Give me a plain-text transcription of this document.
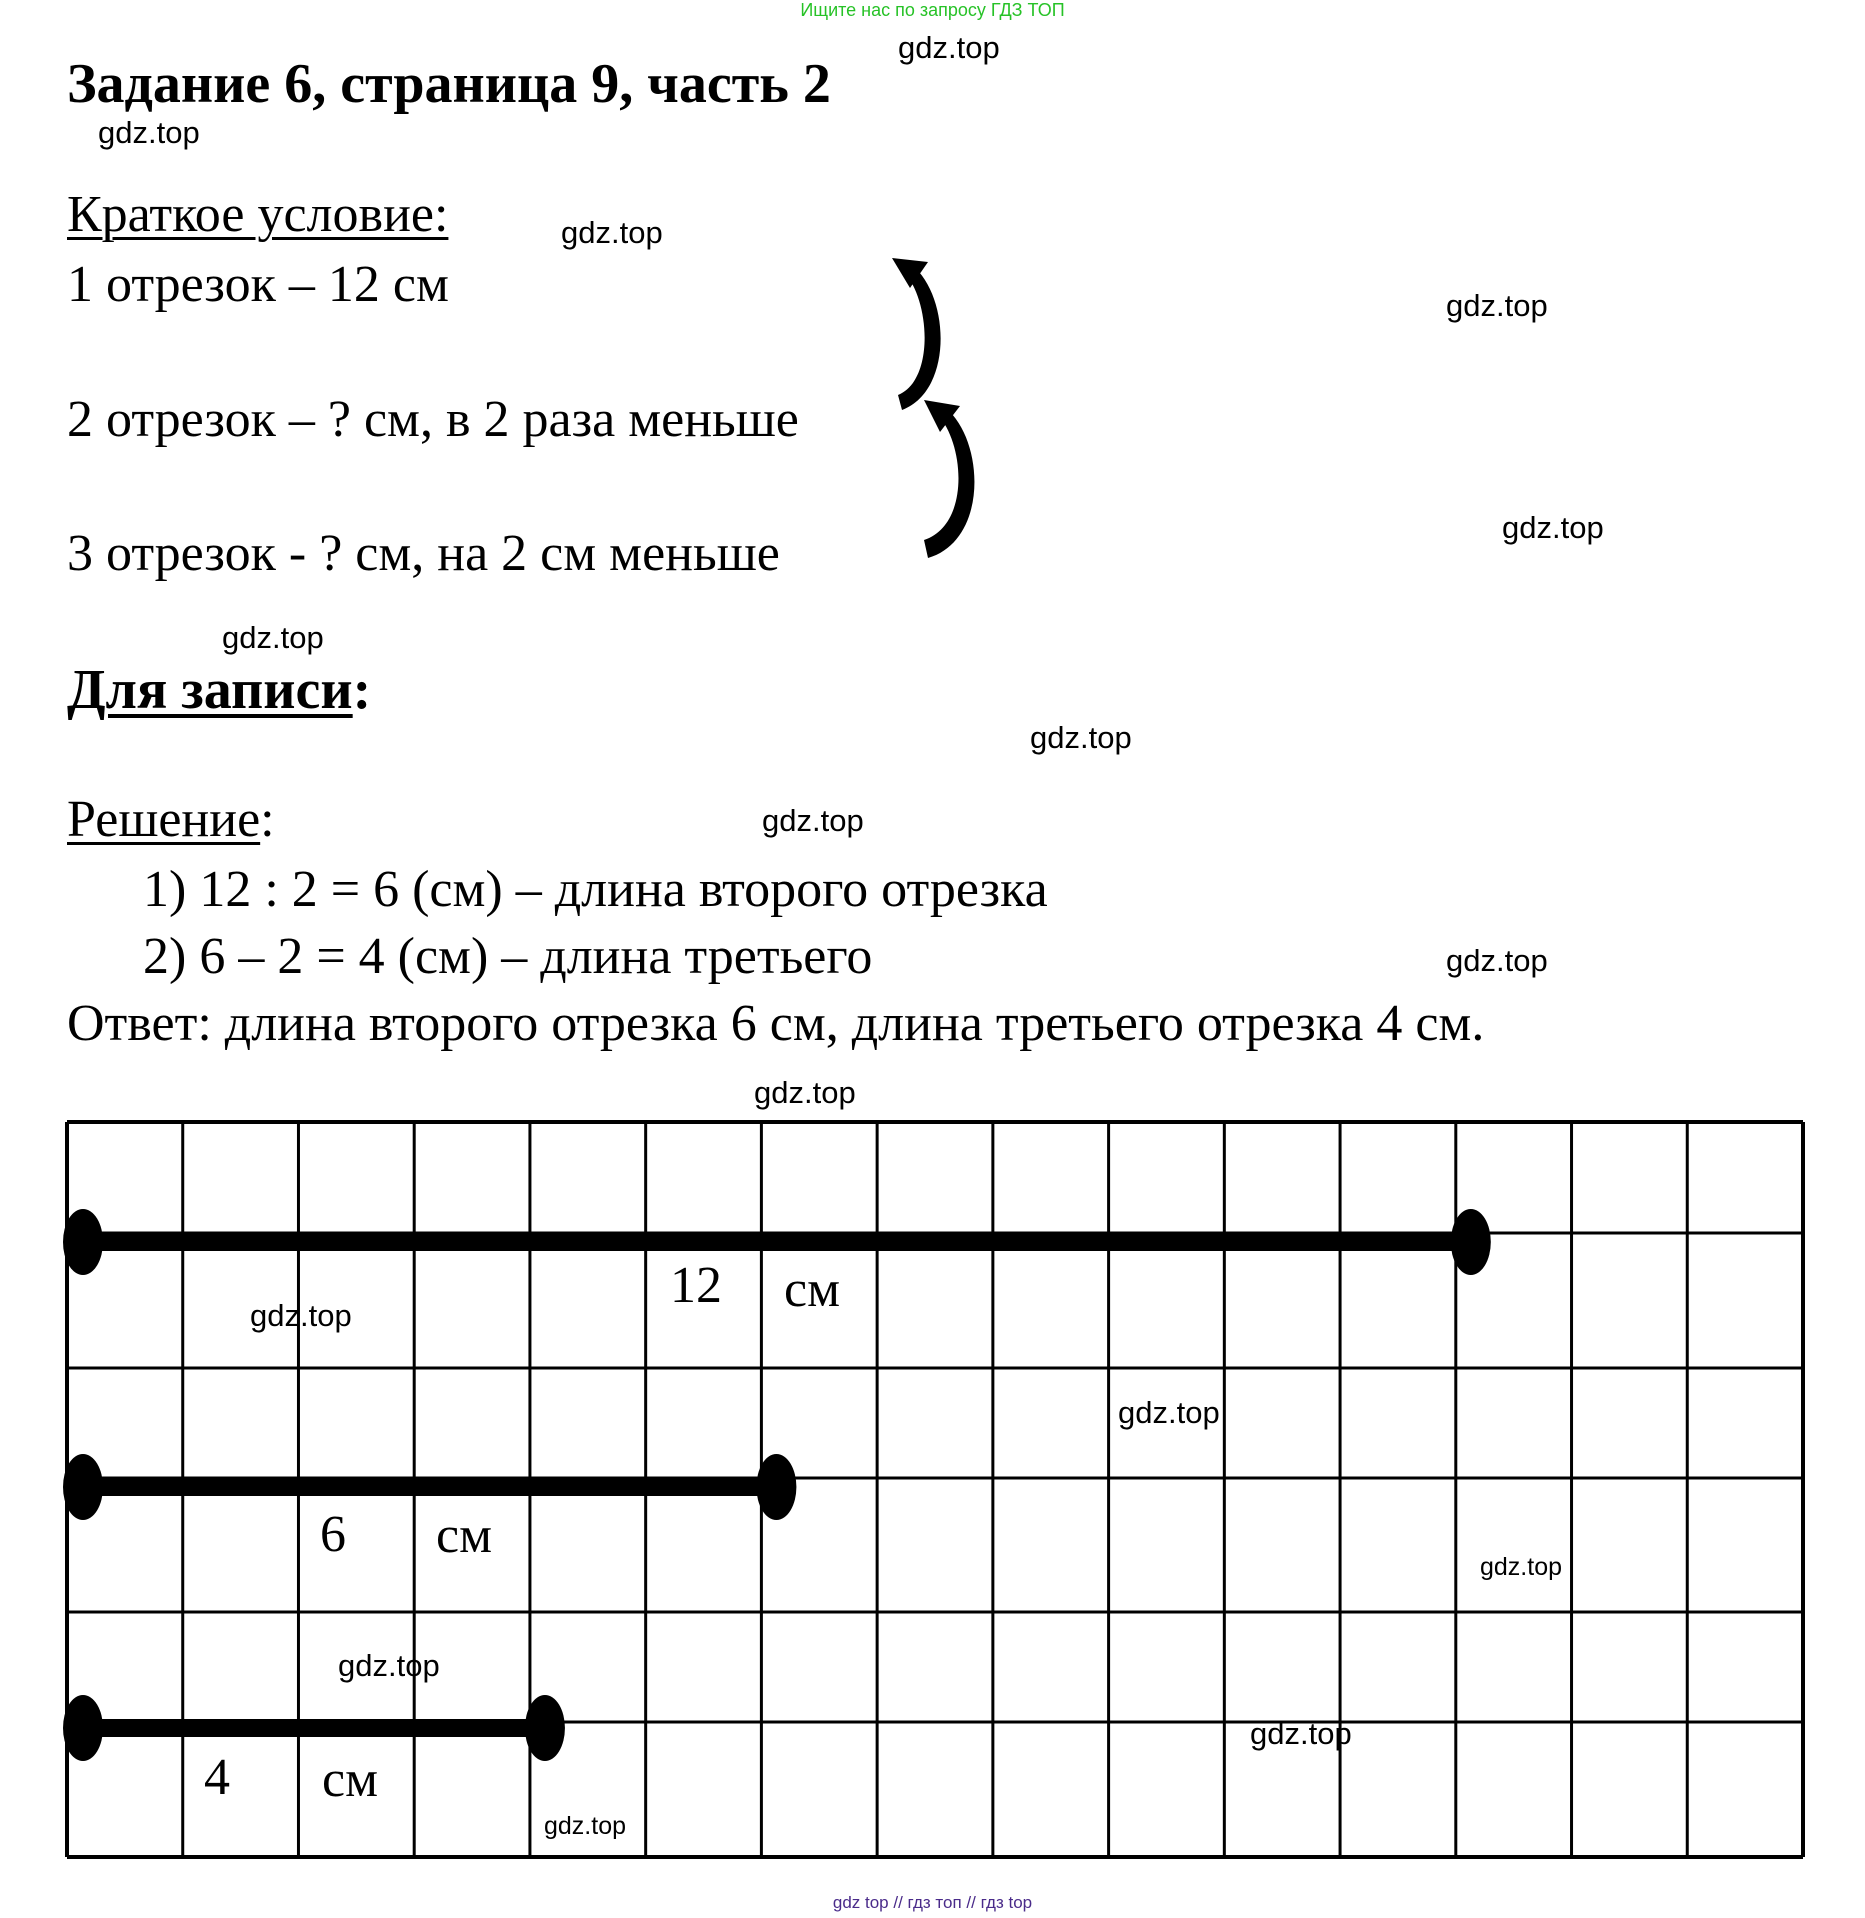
Ищите нас по запросу ГДЗ ТОП
Задание 6, страница 9, часть 2
Краткое условие:
1 отрезок – 12 см
2 отрезок – ? см, в 2 раза меньше
3 отрезок - ? см, на 2 см меньше
Для записи:
Решение:
1) 12 : 2 = 6 (см) – длина второго отрезка
2) 6 – 2 = 4 (см) – длина третьего
Ответ: длина второго отрезка 6 см, длина третьего отрезка 4 см.
12 см
6 см
4 см
gdz.top
gdz.top
gdz.top
gdz.top
gdz.top
gdz.top
gdz.top
gdz.top
gdz.top
gdz.top
gdz.top
gdz.top
gdz.top
gdz.top
gdz.top
gdz.top
gdz top // гдз топ // гдз top
